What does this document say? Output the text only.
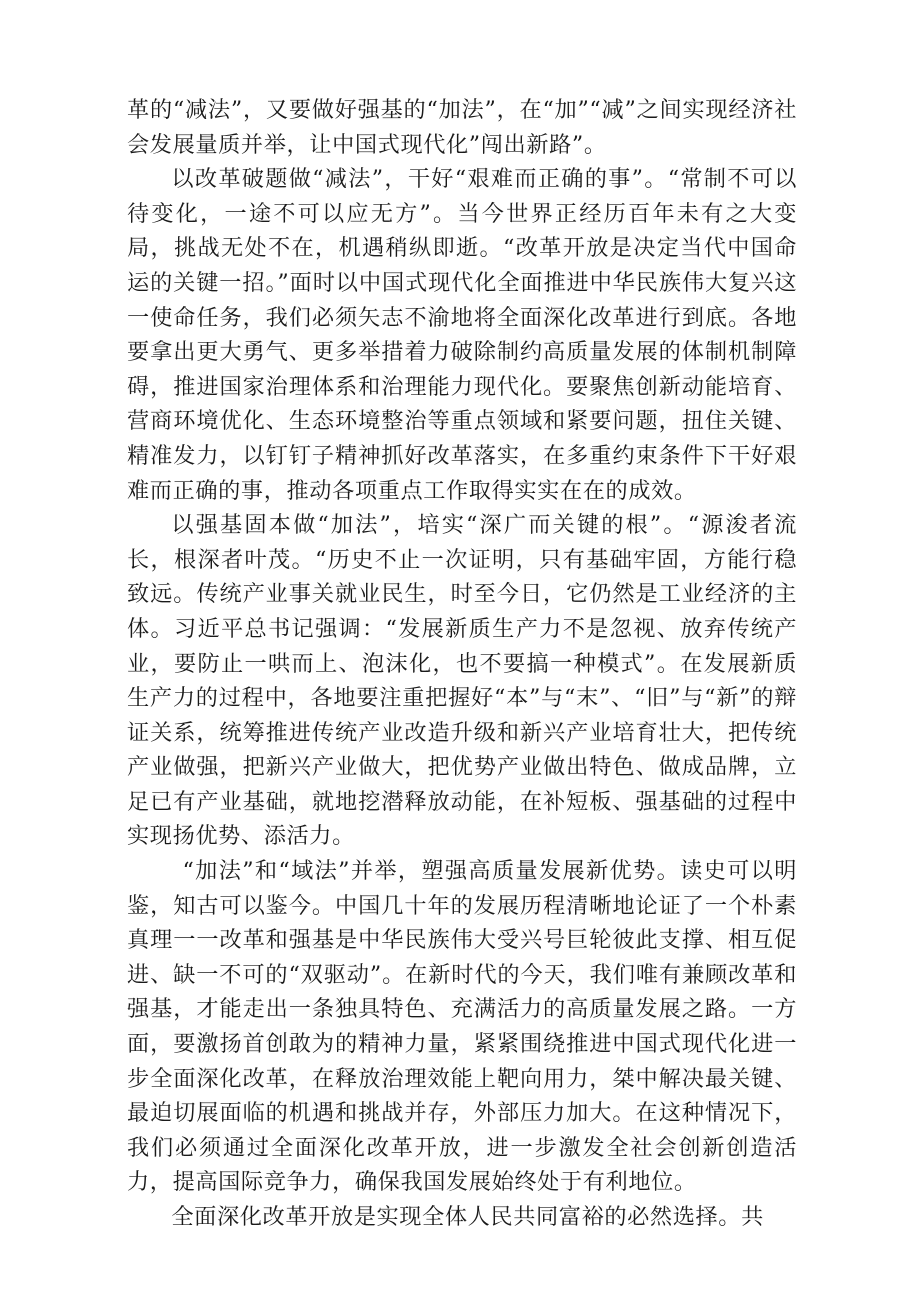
革的“减法”，又要做好强基的“加法”，在“加”“减”之间实现经济社会发展量质并举，让中国式现代化”闯出新路”。

以改革破题做“减法”，干好“艰难而正确的事”。“常制不可以待变化，一途不可以应无方”。当今世界正经历百年未有之大变局，挑战无处不在，机遇稍纵即逝。“改革开放是决定当代中国命运的关键一招。”面时以中国式现代化全面推进中华民族伟大复兴这一使命任务，我们必须矢志不渝地将全面深化改革进行到底。各地要拿出更大勇气、更多举措着力破除制约高质量发展的体制机制障碍，推进国家治理体系和治理能力现代化。要聚焦创新动能培育、营商环境优化、生态环境整治等重点领域和紧要问题，扭住关键、精准发力，以钉钉子精神抓好改革落实，在多重约束条件下干好艰难而正确的事，推动各项重点工作取得实实在在的成效。

以强基固本做“加法”，培实“深广而关键的根”。“源浚者流长，根深者叶茂。“历史不止一次证明，只有基础牢固，方能行稳致远。传统产业事关就业民生，时至今日，它仍然是工业经济的主体。习近平总书记强调：“发展新质生产力不是忽视、放弃传统产业，要防止一哄而上、泡沫化，也不要搞一种模式”。在发展新质生产力的过程中，各地要注重把握好“本”与“末”、“旧”与“新”的辩证关系，统筹推进传统产业改造升级和新兴产业培育壮大，把传统产业做强，把新兴产业做大，把优势产业做出特色、做成品牌，立足已有产业基础，就地挖潜释放动能，在补短板、强基础的过程中实现扬优势、添活力。

“加法”和“域法”并举，塑强高质量发展新优势。读史可以明鉴，知古可以鉴今。中国几十年的发展历程清晰地论证了一个朴素真理一一改革和强基是中华民族伟大受兴号巨轮彼此支撑、相互促进、缺一不可的“双驱动”。在新时代的今天，我们唯有兼顾改革和强基，才能走出一条独具特色、充满活力的高质量发展之路。一方面，要激扬首创敢为的精神力量，紧紧围绕推进中国式现代化进一步全面深化改革，在释放治理效能上靶向用力，桀中解决最关键、最迫切展面临的机遇和挑战并存，外部压力加大。在这种情况下，我们必须通过全面深化改革开放，进一步激发全社会创新创造活力，提高国际竞争力，确保我国发展始终处于有利地位。

全面深化改革开放是实现全体人民共同富裕的必然选择。共
